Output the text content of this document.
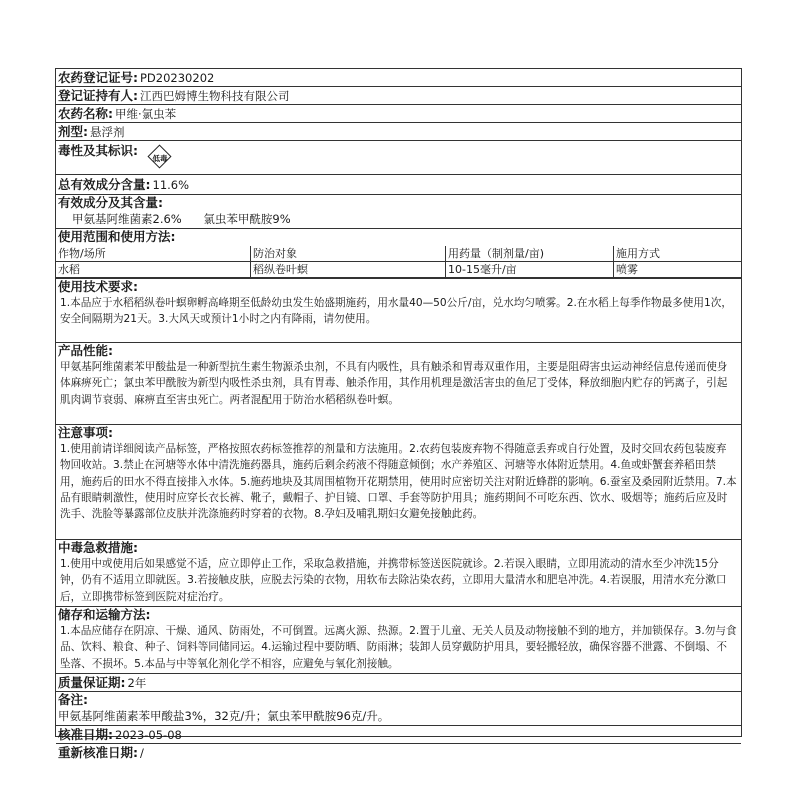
农药登记证号: PD20230202
登记证持有人: 江西巴姆博生物科技有限公司
农药名称: 甲维·氯虫苯
剂型: 悬浮剂
毒性及其标识:
低毒
总有效成分含量: 11.6%
有效成分及其含量:
甲氨基阿维菌素2.6% 氯虫苯甲酰胺9%
使用范围和使用方法:
作物/场所	防治对象	用药量（制剂量/亩)	施用方式
水稻	稻纵卷叶螟	10-15毫升/亩	喷雾
使用技术要求:
1.本品应于水稻稻纵卷叶螟卵孵高峰期至低龄幼虫发生始盛期施药，用水量40—50公斤/亩，兑水均匀喷雾。2.在水稻上每季作物最多使用1次，安全间隔期为21天。3.大风天或预计1小时之内有降雨，请勿使用。
产品性能:
甲氨基阿维菌素苯甲酸盐是一种新型抗生素生物源杀虫剂，不具有内吸性，具有触杀和胃毒双重作用，主要是阻碍害虫运动神经信息传递而使身体麻痹死亡；氯虫苯甲酰胺为新型内吸性杀虫剂，具有胃毒、触杀作用，其作用机理是激活害虫的鱼尼丁受体，释放细胞内贮存的钙离子，引起肌肉调节衰弱、麻痹直至害虫死亡。两者混配用于防治水稻稻纵卷叶螟。
注意事项:
1.使用前请详细阅读产品标签，严格按照农药标签推荐的剂量和方法施用。2.农药包装废弃物不得随意丢弃或自行处置，及时交回农药包装废弃物回收站。3.禁止在河塘等水体中清洗施药器具，施药后剩余药液不得随意倾倒；水产养殖区、河塘等水体附近禁用。4.鱼或虾蟹套养稻田禁用，施药后的田水不得直接排入水体。5.施药地块及其周围植物开花期禁用，使用时应密切关注对附近蜂群的影响。6.蚕室及桑园附近禁用。7.本品有眼睛刺激性，使用时应穿长衣长裤、靴子，戴帽子、护目镜、口罩、手套等防护用具；施药期间不可吃东西、饮水、吸烟等；施药后应及时洗手、洗脸等暴露部位皮肤并洗涤施药时穿着的衣物。8.孕妇及哺乳期妇女避免接触此药。
中毒急救措施:
1.使用中或使用后如果感觉不适，应立即停止工作，采取急救措施，并携带标签送医院就诊。2.若误入眼睛，立即用流动的清水至少冲洗15分钟，仍有不适用立即就医。3.若接触皮肤，应脱去污染的衣物，用软布去除沾染农药，立即用大量清水和肥皂冲洗。4.若误服，用清水充分漱口后，立即携带标签到医院对症治疗。
储存和运输方法:
1.本品应储存在阴凉、干燥、通风、防雨处，不可倒置。远离火源、热源。2.置于儿童、无关人员及动物接触不到的地方，并加锁保存。3.勿与食品、饮料、粮食、种子、饲料等同储同运。4.运输过程中要防晒、防雨淋；装卸人员穿戴防护用具，要轻搬轻放，确保容器不泄露、不倒塌、不坠落、不损坏。5.本品与中等氧化剂化学不相容，应避免与氧化剂接触。
质量保证期: 2年
备注:
甲氨基阿维菌素苯甲酸盐3%，32克/升；氯虫苯甲酰胺96克/升。
核准日期: 2023-05-08
重新核准日期: /
